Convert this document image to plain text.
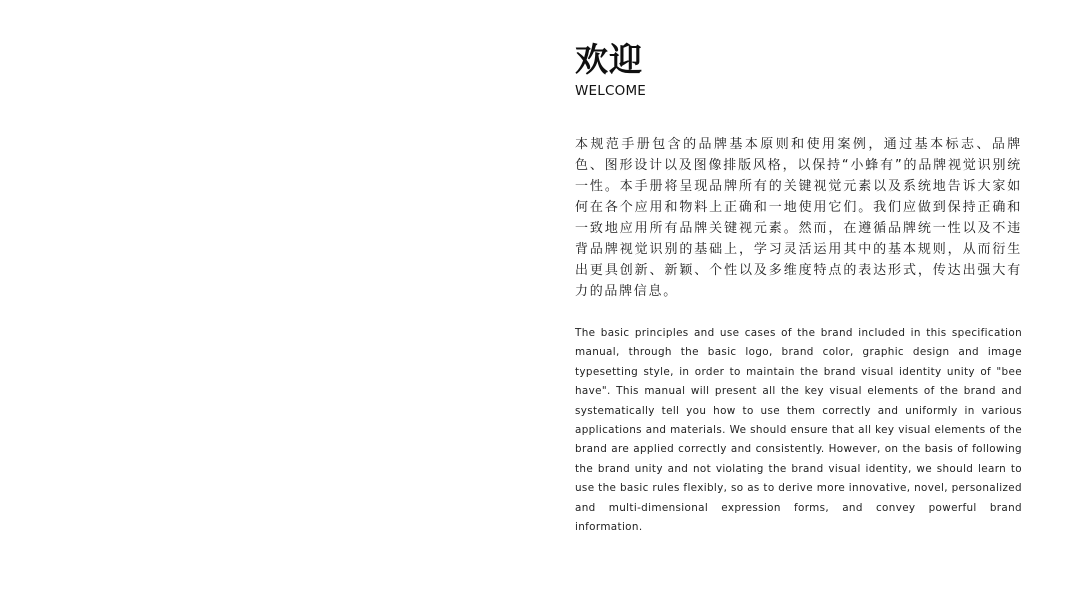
欢迎
WELCOME

本规范手册包含的品牌基本原则和使用案例，通过基本标志、品牌色、图形设计以及图像排版风格，以保持“小蜂有”的品牌视觉识别统一性。本手册将呈现品牌所有的关键视觉元素以及系统地告诉大家如何在各个应用和物料上正确和一地使用它们。我们应做到保持正确和一致地应用所有品牌关键视元素。然而，在遵循品牌统一性以及不违背品牌视觉识别的基础上，学习灵活运用其中的基本规则，从而衍生出更具创新、新颖、个性以及多维度特点的表达形式，传达出强大有力的品牌信息。

The basic principles and use cases of the brand included in this specification manual, through the basic logo, brand color, graphic design and image typesetting style, in order to maintain the brand visual identity unity of "bee have". This manual will present all the key visual elements of the brand and systematically tell you how to use them correctly and uniformly in various applications and materials. We should ensure that all key visual elements of the brand are applied correctly and consistently. However, on the basis of following the brand unity and not violating the brand visual identity, we should learn to use the basic rules flexibly, so as to derive more innovative, novel, personalized and multi-dimensional expression forms, and convey powerful brand information.
